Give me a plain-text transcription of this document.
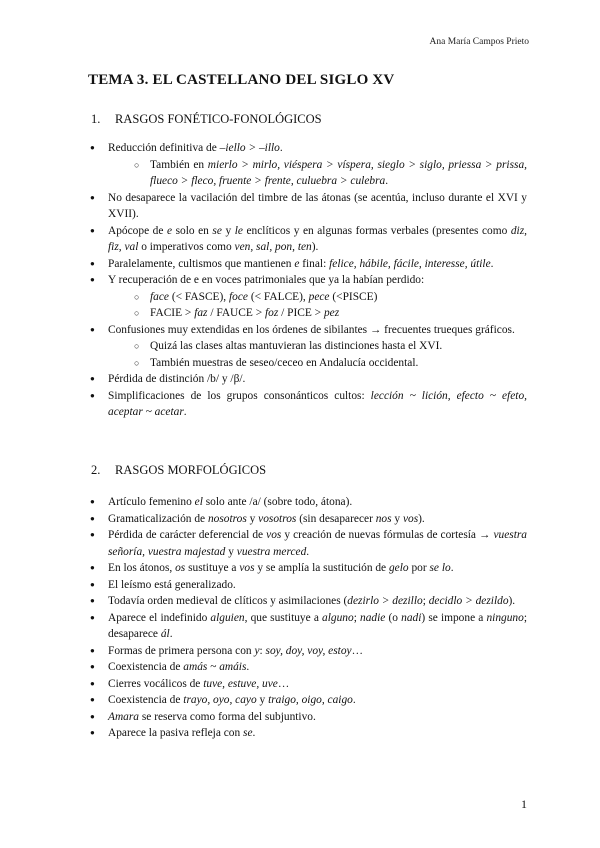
Ana María Campos Prieto
TEMA 3. EL CASTELLANO DEL SIGLO XV
1. RASGOS FONÉTICO-FONOLÓGICOS
● Reducción definitiva de –iello > –illo.
○ También en mierlo > mirlo, viéspera > víspera, sieglo > siglo, priessa > prissa, flueco > fleco, fruente > frente, culuebra > culebra.
● No desaparece la vacilación del timbre de las átonas (se acentúa, incluso durante el XVI y XVII).
● Apócope de e solo en se y le enclíticos y en algunas formas verbales (presentes como diz, fiz, val o imperativos como ven, sal, pon, ten).
● Paralelamente, cultismos que mantienen e final: felice, hábile, fácile, interesse, útile.
● Y recuperación de e en voces patrimoniales que ya la habían perdido:
○ face (< FASCE), foce (< FALCE), pece (<PISCE)
○ FACIE > faz / FAUCE > foz / PICE > pez
● Confusiones muy extendidas en los órdenes de sibilantes → frecuentes trueques gráficos.
○ Quizá las clases altas mantuvieran las distinciones hasta el XVI.
○ También muestras de seseo/ceceo en Andalucía occidental.
● Pérdida de distinción /b/ y /β/.
● Simplificaciones de los grupos consonánticos cultos: lección ~ lición, efecto ~ efeto, aceptar ~ acetar.
2. RASGOS MORFOLÓGICOS
● Artículo femenino el solo ante /a/ (sobre todo, átona).
● Gramaticalización de nosotros y vosotros (sin desaparecer nos y vos).
● Pérdida de carácter deferencial de vos y creación de nuevas fórmulas de cortesía → vuestra señoría, vuestra majestad y vuestra merced.
● En los átonos, os sustituye a vos y se amplía la sustitución de gelo por se lo.
● El leísmo está generalizado.
● Todavía orden medieval de clíticos y asimilaciones (dezirlo > dezillo; decidlo > dezildo).
● Aparece el indefinido alguien, que sustituye a alguno; nadie (o nadi) se impone a ninguno; desaparece ál.
● Formas de primera persona con y: soy, doy, voy, estoy…
● Coexistencia de amás ~ amáis.
● Cierres vocálicos de tuve, estuve, uve…
● Coexistencia de trayo, oyo, cayo y traigo, oigo, caigo.
● Amara se reserva como forma del subjuntivo.
● Aparece la pasiva refleja con se.
1
